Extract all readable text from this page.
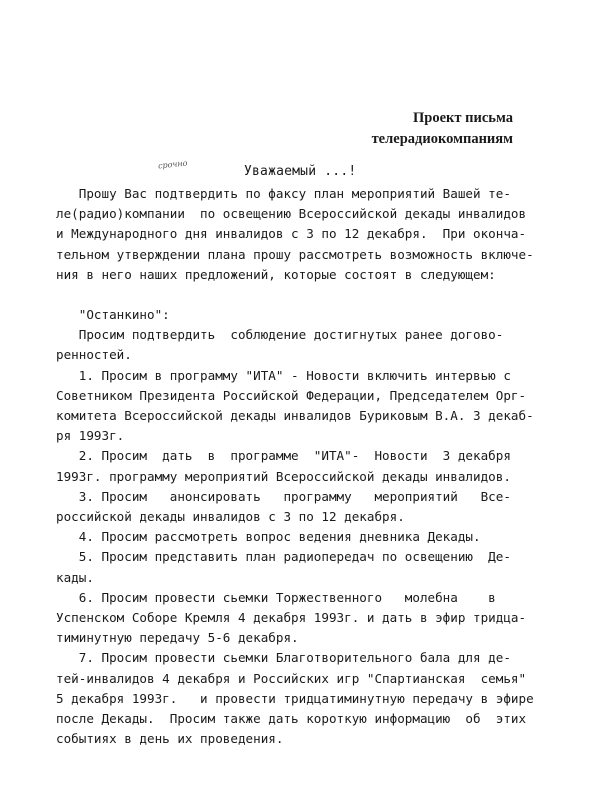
Проект письма
телерадиокомпаниям
срочно	Уважаемый ...!
Прошу Вас подтвердить по факсу план мероприятий Вашей те-
ле(радио)компании  по освещению Всероссийской декады инвалидов
и Международного дня инвалидов с 3 по 12 декабря.  При оконча-
тельном утверждении плана прошу рассмотреть возможность включе-
ния в него наших предложений, которые состоят в следующем:
"Останкино":
Просим подтвердить  соблюдение достигнутых ранее догово-
ренностей.
1. Просим в программу "ИТА" - Новости включить интервью с
Советником Президента Российской Федерации, Председателем Орг-
комитета Всероссийской декады инвалидов Буриковым В.А. 3 декаб-
ря 1993г.
2. Просим  дать  в  программе  "ИТА"-  Новости  3 декабря
1993г. программу мероприятий Всероссийской декады инвалидов.
3. Просим   анонсировать   программу   мероприятий   Все-
российской декады инвалидов с 3 по 12 декабря.
4. Просим рассмотреть вопрос ведения дневника Декады.
5. Просим представить план радиопередач по освещению  Де-
кады.
6. Просим провести сьемки Торжественного   молебна    в
Успенском Соборе Кремля 4 декабря 1993г. и дать в эфир тридца-
тиминутную передачу 5-6 декабря.
7. Просим провести сьемки Благотворительного бала для де-
тей-инвалидов 4 декабря и Российских игр "Спартианская  семья"
5 декабря 1993г.   и провести тридцатиминутную передачу в эфире
после Декады.  Просим также дать короткую информацию  об  этих
событиях в день их проведения.
